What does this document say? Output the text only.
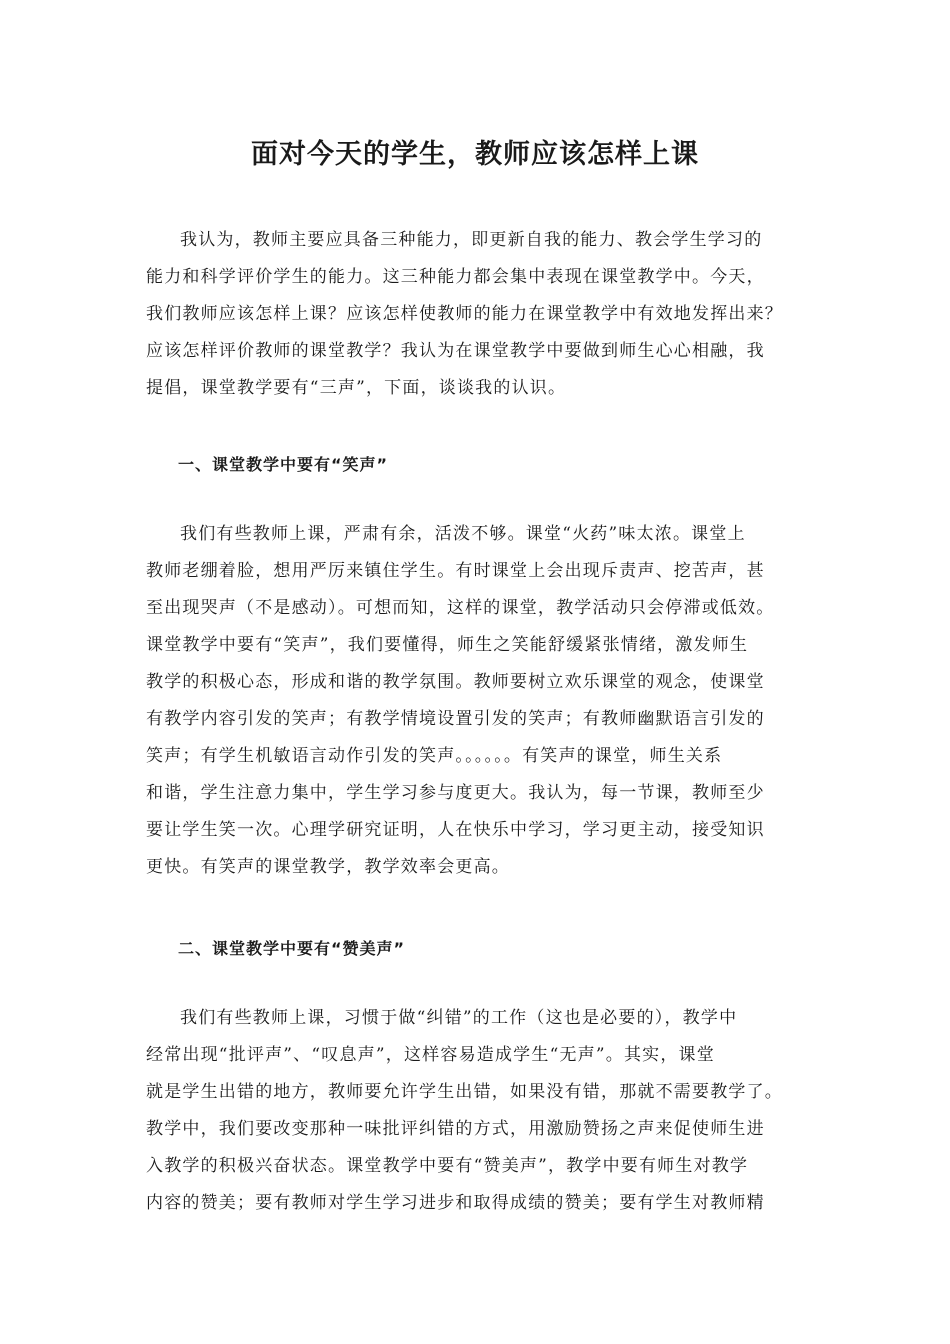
面对今天的学生，教师应该怎样上课

我认为，教师主要应具备三种能力，即更新自我的能力、教会学生学习的
能力和科学评价学生的能力。这三种能力都会集中表现在课堂教学中。今天，
我们教师应该怎样上课？应该怎样使教师的能力在课堂教学中有效地发挥出来？
应该怎样评价教师的课堂教学？我认为在课堂教学中要做到师生心心相融，我
提倡，课堂教学要有“三声”，下面，谈谈我的认识。

一、课堂教学中要有“笑声”

我们有些教师上课，严肃有余，活泼不够。课堂“火药”味太浓。课堂上
教师老绷着脸，想用严厉来镇住学生。有时课堂上会出现斥责声、挖苦声，甚
至出现哭声（不是感动）。可想而知，这样的课堂，教学活动只会停滞或低效。
课堂教学中要有“笑声”，我们要懂得，师生之笑能舒缓紧张情绪，激发师生
教学的积极心态，形成和谐的教学氛围。教师要树立欢乐课堂的观念，使课堂
有教学内容引发的笑声；有教学情境设置引发的笑声；有教师幽默语言引发的
笑声；有学生机敏语言动作引发的笑声。。。。。。有笑声的课堂，师生关系
和谐，学生注意力集中，学生学习参与度更大。我认为，每一节课，教师至少
要让学生笑一次。心理学研究证明，人在快乐中学习，学习更主动，接受知识
更快。有笑声的课堂教学，教学效率会更高。

二、课堂教学中要有“赞美声”

我们有些教师上课，习惯于做“纠错”的工作（这也是必要的），教学中
经常出现“批评声”、“叹息声”，这样容易造成学生“无声”。其实，课堂
就是学生出错的地方，教师要允许学生出错，如果没有错，那就不需要教学了。
教学中，我们要改变那种一味批评纠错的方式，用激励赞扬之声来促使师生进
入教学的积极兴奋状态。课堂教学中要有“赞美声”，教学中要有师生对教学
内容的赞美；要有教师对学生学习进步和取得成绩的赞美；要有学生对教师精
